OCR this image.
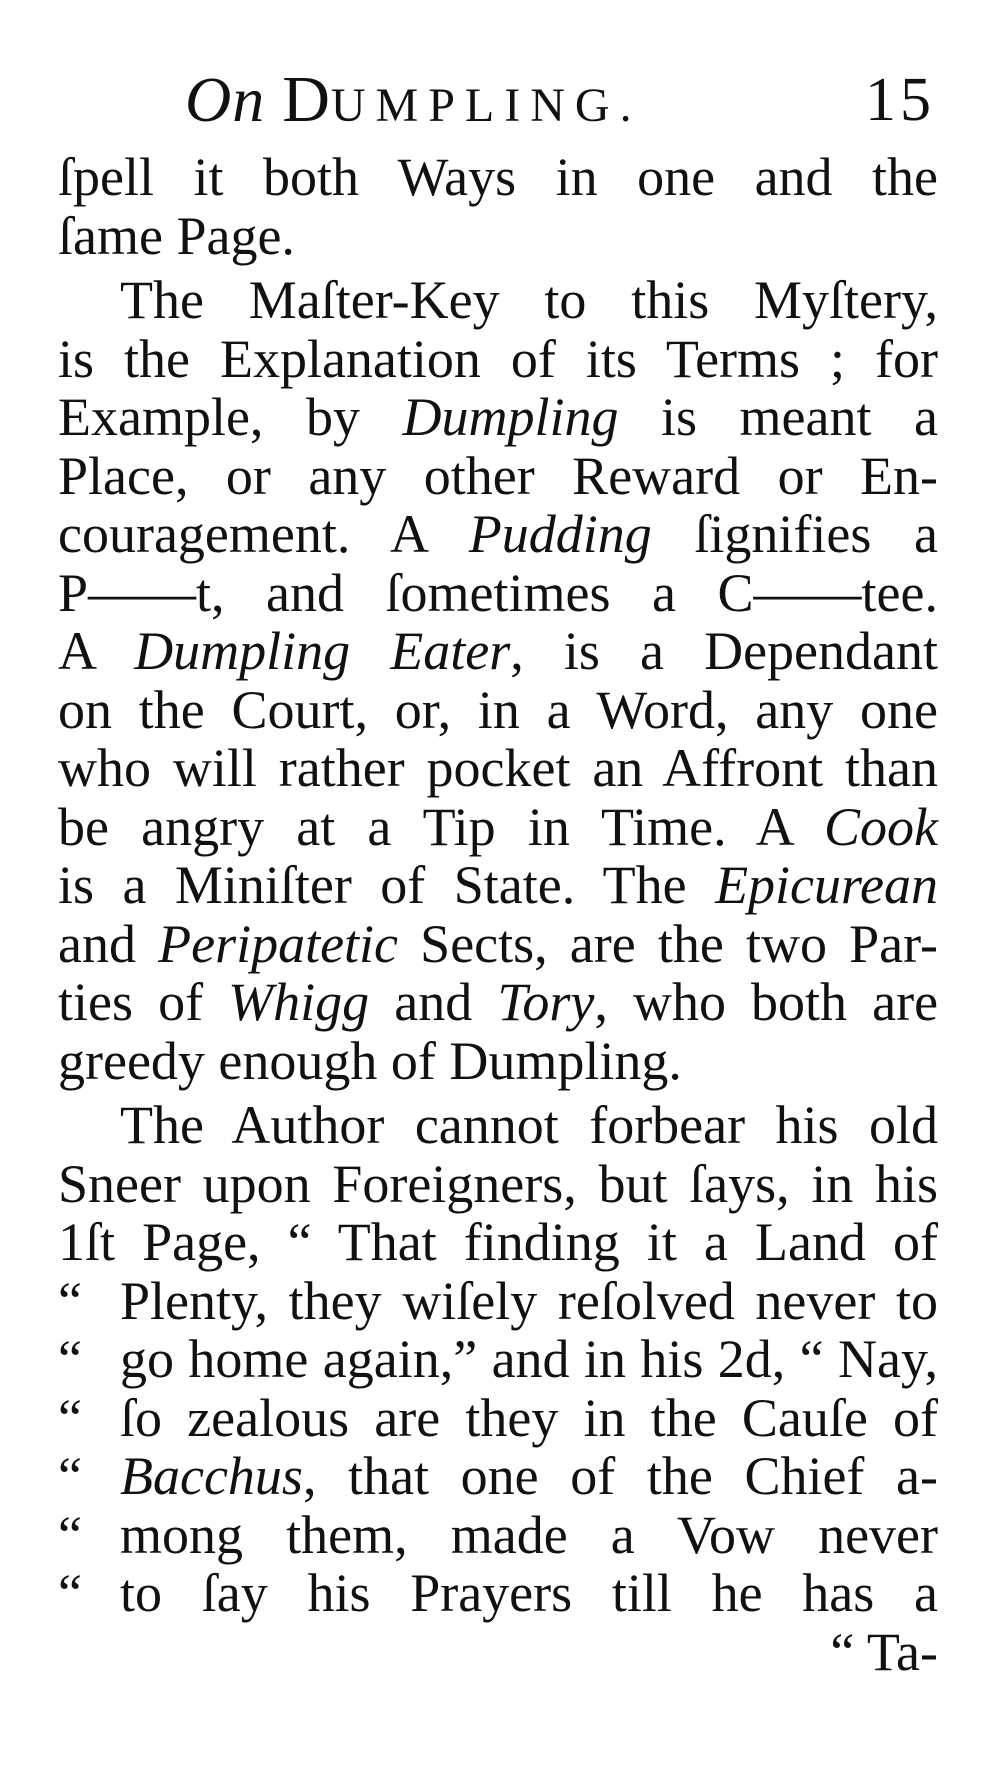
On DUMPLING.	15
ſpell it both Ways in one and the
ſame Page.
The Maſter-Key to this Myſtery,
is the Explanation of its Terms ; for
Example, by Dumpling is meant a
Place, or any other Reward or En-
couragement. A Pudding ſignifies a
P——t, and ſometimes a C——tee.
A Dumpling Eater, is a Dependant
on the Court, or, in a Word, any one
who will rather pocket an Affront than
be angry at a Tip in Time. A Cook
is a Miniſter of State. The Epicurean
and Peripatetic Sects, are the two Par-
ties of Whigg and Tory, who both are
greedy enough of Dumpling.
The Author cannot forbear his old
Sneer upon Foreigners, but ſays, in his
1ſt Page, “ That finding it a Land of
“ Plenty, they wiſely reſolved never to
“ go home again,” and in his 2d, “ Nay,
“ ſo zealous are they in the Cauſe of
“ Bacchus, that one of the Chief a-
“ mong them, made a Vow never
“ to ſay his Prayers till he has a
“ Ta-
